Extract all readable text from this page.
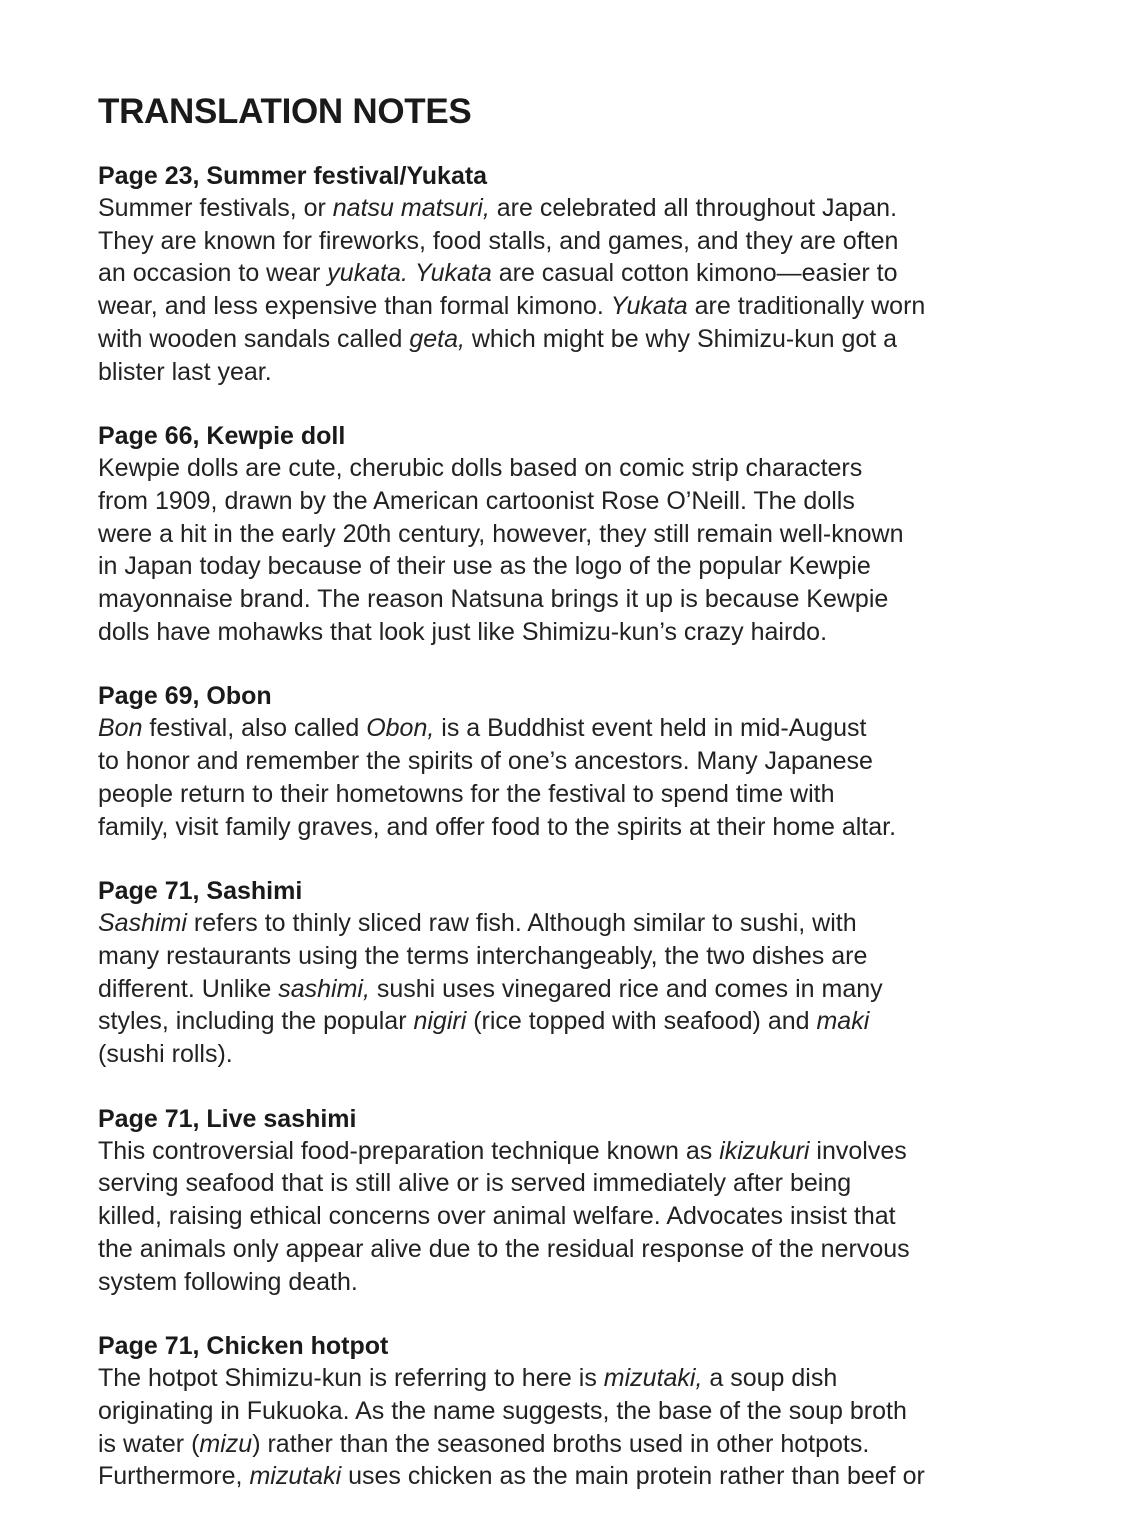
TRANSLATION NOTES
Page 23, Summer festival/Yukata
Summer festivals, or natsu matsuri, are celebrated all throughout Japan.
They are known for fireworks, food stalls, and games, and they are often
an occasion to wear yukata. Yukata are casual cotton kimono—easier to
wear, and less expensive than formal kimono. Yukata are traditionally worn
with wooden sandals called geta, which might be why Shimizu-kun got a
blister last year.
Page 66, Kewpie doll
Kewpie dolls are cute, cherubic dolls based on comic strip characters
from 1909, drawn by the American cartoonist Rose O’Neill. The dolls
were a hit in the early 20th century, however, they still remain well-known
in Japan today because of their use as the logo of the popular Kewpie
mayonnaise brand. The reason Natsuna brings it up is because Kewpie
dolls have mohawks that look just like Shimizu-kun’s crazy hairdo.
Page 69, Obon
Bon festival, also called Obon, is a Buddhist event held in mid-August
to honor and remember the spirits of one’s ancestors. Many Japanese
people return to their hometowns for the festival to spend time with
family, visit family graves, and offer food to the spirits at their home altar.
Page 71, Sashimi
Sashimi refers to thinly sliced raw fish. Although similar to sushi, with
many restaurants using the terms interchangeably, the two dishes are
different. Unlike sashimi, sushi uses vinegared rice and comes in many
styles, including the popular nigiri (rice topped with seafood) and maki
(sushi rolls).
Page 71, Live sashimi
This controversial food-preparation technique known as ikizukuri involves
serving seafood that is still alive or is served immediately after being
killed, raising ethical concerns over animal welfare. Advocates insist that
the animals only appear alive due to the residual response of the nervous
system following death.
Page 71, Chicken hotpot
The hotpot Shimizu-kun is referring to here is mizutaki, a soup dish
originating in Fukuoka. As the name suggests, the base of the soup broth
is water (mizu) rather than the seasoned broths used in other hotpots.
Furthermore, mizutaki uses chicken as the main protein rather than beef or
